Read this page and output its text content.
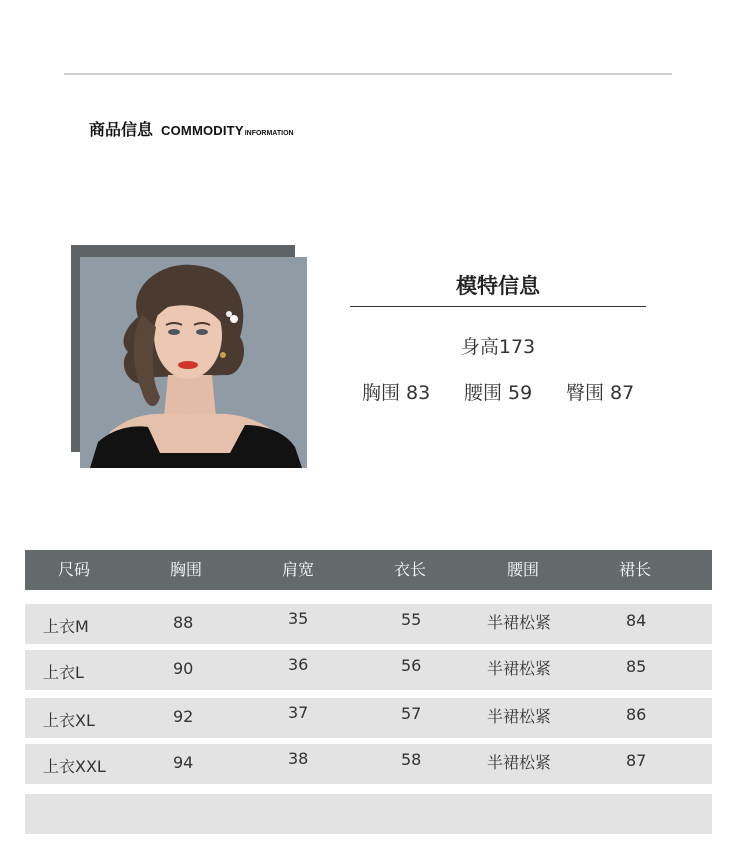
商品信息 COMMODITYINFORMATION
模特信息
身高173
胸围 83 腰围 59 臀围 87
尺码	胸围	肩宽	衣长	腰围	裙长
上衣M	88	35	55	半裙松紧	84
上衣L	90	36	56	半裙松紧	85
上衣XL	92	37	57	半裙松紧	86
上衣XXL	94	38	58	半裙松紧	87
